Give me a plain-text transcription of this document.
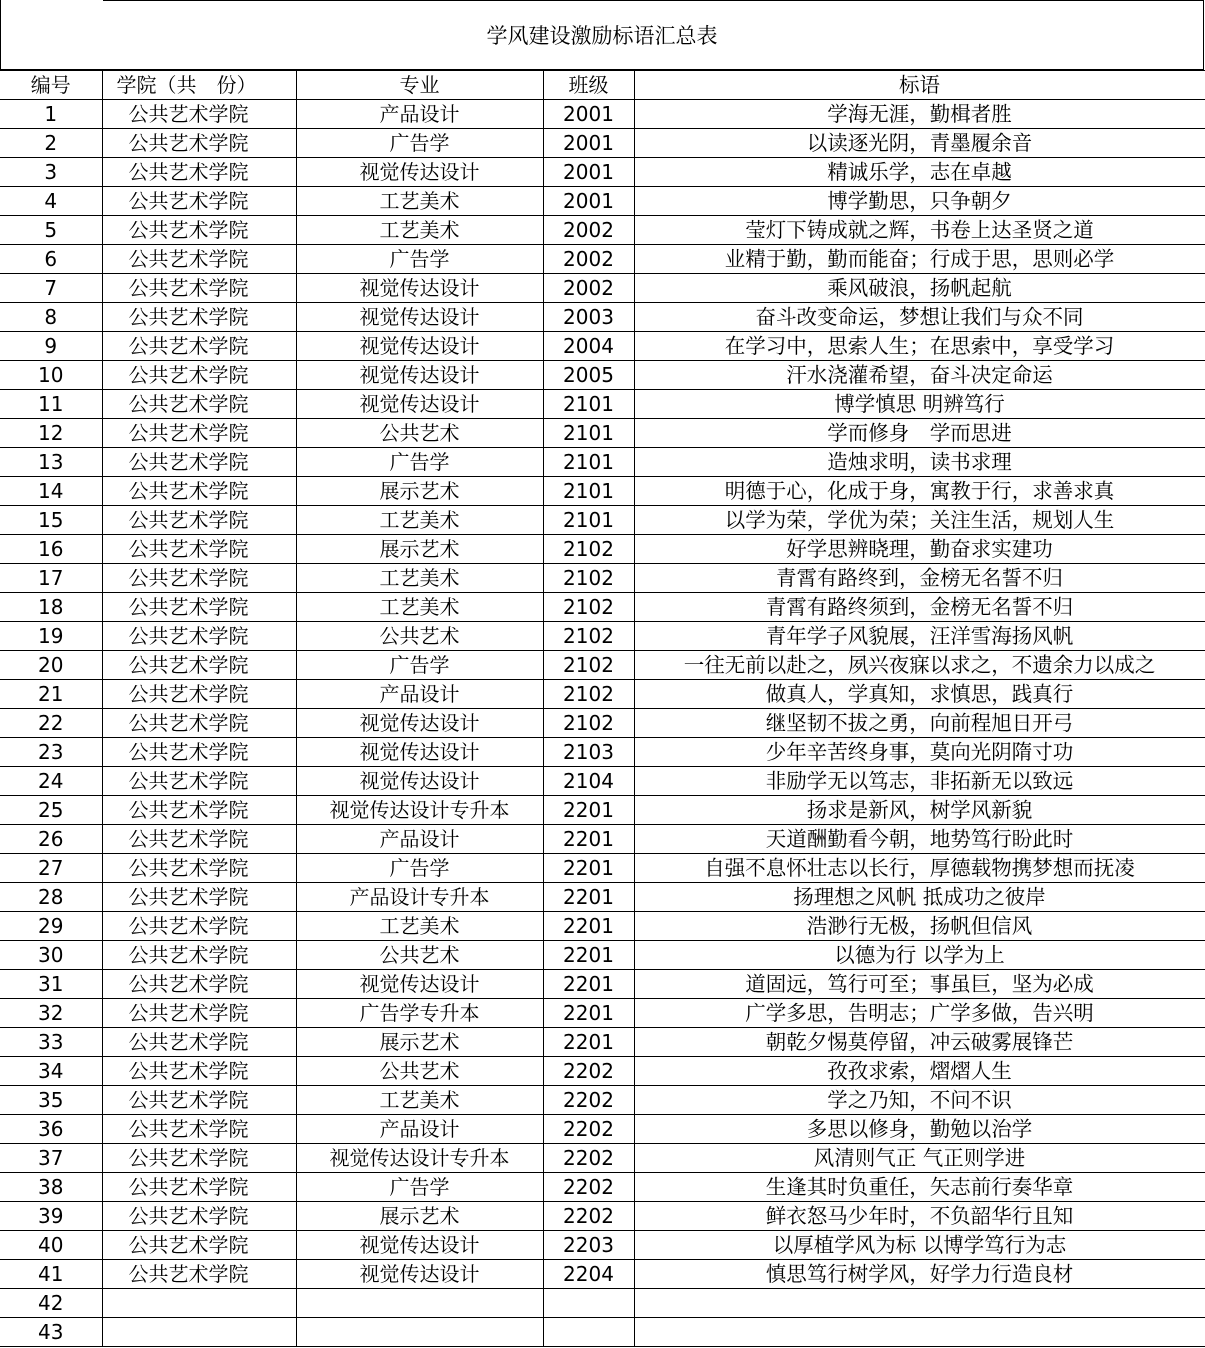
学风建设激励标语汇总表
编号	学院（共　份）	专业	班级	标语
1	公共艺术学院	产品设计	2001	学海无涯，勤楫者胜
2	公共艺术学院	广告学	2001	以读逐光阴，青墨履余音
3	公共艺术学院	视觉传达设计	2001	精诚乐学，志在卓越
4	公共艺术学院	工艺美术	2001	博学勤思，只争朝夕
5	公共艺术学院	工艺美术	2002	莹灯下铸成就之辉，书卷上达圣贤之道
6	公共艺术学院	广告学	2002	业精于勤，勤而能奋；行成于思，思则必学
7	公共艺术学院	视觉传达设计	2002	乘风破浪，扬帆起航
8	公共艺术学院	视觉传达设计	2003	奋斗改变命运，梦想让我们与众不同
9	公共艺术学院	视觉传达设计	2004	在学习中，思索人生；在思索中，享受学习
10	公共艺术学院	视觉传达设计	2005	汗水浇灌希望，奋斗决定命运
11	公共艺术学院	视觉传达设计	2101	博学慎思 明辨笃行
12	公共艺术学院	公共艺术	2101	学而修身　学而思进
13	公共艺术学院	广告学	2101	造烛求明，读书求理
14	公共艺术学院	展示艺术	2101	明德于心，化成于身，寓教于行，求善求真
15	公共艺术学院	工艺美术	2101	以学为荣，学优为荣；关注生活，规划人生
16	公共艺术学院	展示艺术	2102	好学思辨晓理，勤奋求实建功
17	公共艺术学院	工艺美术	2102	青霄有路终到，金榜无名誓不归
18	公共艺术学院	工艺美术	2102	青霄有路终须到，金榜无名誓不归
19	公共艺术学院	公共艺术	2102	青年学子风貌展，汪洋雪海扬风帆
20	公共艺术学院	广告学	2102	一往无前以赴之，夙兴夜寐以求之，不遗余力以成之
21	公共艺术学院	产品设计	2102	做真人，学真知，求慎思，践真行
22	公共艺术学院	视觉传达设计	2102	继坚韧不拔之勇，向前程旭日开弓
23	公共艺术学院	视觉传达设计	2103	少年辛苦终身事，莫向光阴隋寸功
24	公共艺术学院	视觉传达设计	2104	非励学无以笃志，非拓新无以致远
25	公共艺术学院	视觉传达设计专升本	2201	扬求是新风，树学风新貌
26	公共艺术学院	产品设计	2201	天道酬勤看今朝，地势笃行盼此时
27	公共艺术学院	广告学	2201	自强不息怀壮志以长行，厚德载物携梦想而抚凌
28	公共艺术学院	产品设计专升本	2201	扬理想之风帆 抵成功之彼岸
29	公共艺术学院	工艺美术	2201	浩渺行无极，扬帆但信风
30	公共艺术学院	公共艺术	2201	以德为行 以学为上
31	公共艺术学院	视觉传达设计	2201	道固远，笃行可至；事虽巨，坚为必成
32	公共艺术学院	广告学专升本	2201	广学多思，告明志；广学多做，告兴明
33	公共艺术学院	展示艺术	2201	朝乾夕惕莫停留，冲云破雾展锋芒
34	公共艺术学院	公共艺术	2202	孜孜求索，熠熠人生
35	公共艺术学院	工艺美术	2202	学之乃知，不问不识
36	公共艺术学院	产品设计	2202	多思以修身，勤勉以治学
37	公共艺术学院	视觉传达设计专升本	2202	风清则气正 气正则学进
38	公共艺术学院	广告学	2202	生逢其时负重任，矢志前行奏华章
39	公共艺术学院	展示艺术	2202	鲜衣怒马少年时，不负韶华行且知
40	公共艺术学院	视觉传达设计	2203	以厚植学风为标 以博学笃行为志
41	公共艺术学院	视觉传达设计	2204	慎思笃行树学风，好学力行造良材
42				
43				
